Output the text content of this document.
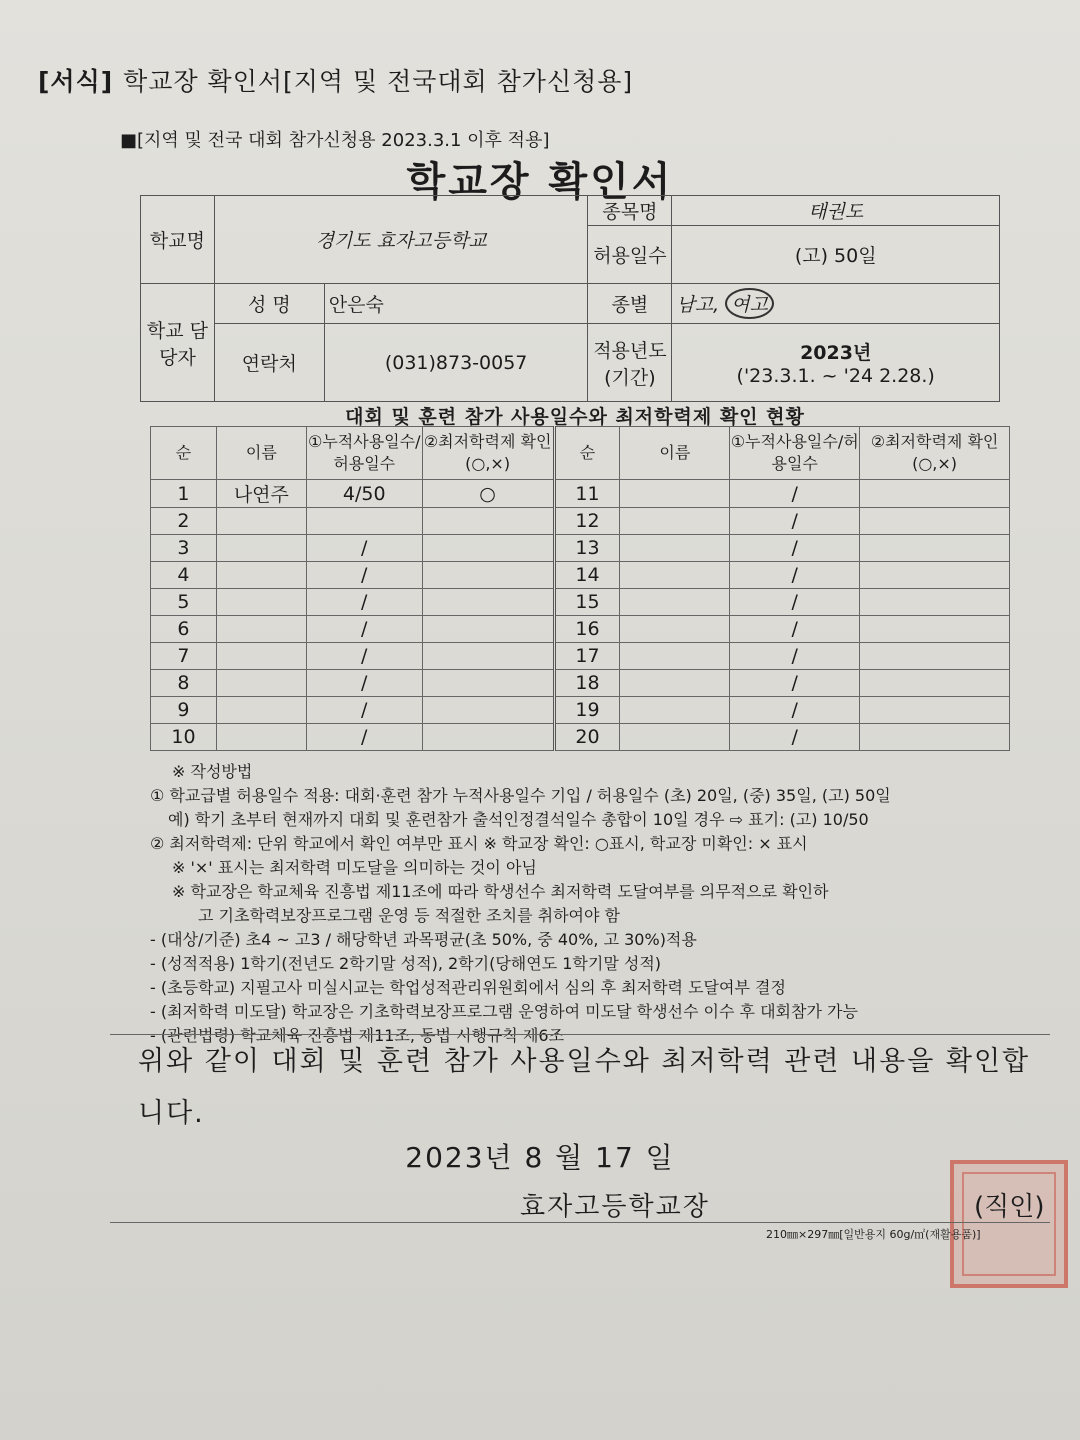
[서식] 학교장 확인서[지역 및 전국대회 참가신청용]
■[지역 및 전국 대회 참가신청용 2023.3.1 이후 적용]
학교장 확인서
학교명	경기도 효자고등학교		종목명	태권도
			허용일수	(고) 50일
학교 담당자	성 명	안은숙	종별	남고, 여고
	연락처	(031)873-0057	적용년도 (기간)	2023년
('23.3.1. ~ '24 2.28.)
대회 및 훈련 참가 사용일수와 최저학력제 확인 현황
순	이름	①누적사용일수/허용일수	②최저학력제 확인(○,×)	순	이름	①누적사용일수/허용일수	②최저학력제 확인(○,×)
1	나연주	4/50	○	11		/	
2				12		/	
3		/		13		/	
4		/		14		/	
5		/		15		/	
6		/		16		/	
7		/		17		/	
8		/		18		/	
9		/		19		/	
10		/		20		/	
※ 작성방법
① 학교급별 허용일수 적용: 대회·훈련 참가 누적사용일수 기입 / 허용일수 (초) 20일, (중) 35일, (고) 50일
예) 학기 초부터 현재까지 대회 및 훈련참가 출석인정결석일수 총합이 10일 경우 ⇨ 표기: (고) 10/50
② 최저학력제: 단위 학교에서 확인 여부만 표시 ※ 학교장 확인: ○표시, 학교장 미확인: × 표시
※ '×' 표시는 최저학력 미도달을 의미하는 것이 아님
※ 학교장은 학교체육 진흥법 제11조에 따라 학생선수 최저학력 도달여부를 의무적으로 확인하
고 기초학력보장프로그램 운영 등 적절한 조치를 취하여야 함
- (대상/기준) 초4 ~ 고3 / 해당학년 과목평균(초 50%, 중 40%, 고 30%)적용
- (성적적용) 1학기(전년도 2학기말 성적), 2학기(당해연도 1학기말 성적)
- (초등학교) 지필고사 미실시교는 학업성적관리위원회에서 심의 후 최저학력 도달여부 결정
- (최저학력 미도달) 학교장은 기초학력보장프로그램 운영하여 미도달 학생선수 이수 후 대회참가 가능
- (관련법령) 학교체육 진흥법 제11조, 동법 시행규칙 제6조
위와 같이 대회 및 훈련 참가 사용일수와 최저학력 관련 내용을 확인합니다.
2023년 8 월 17 일
효자고등학교장	(직인)
210㎜×297㎜[일반용지 60g/㎡(재활용품)]
